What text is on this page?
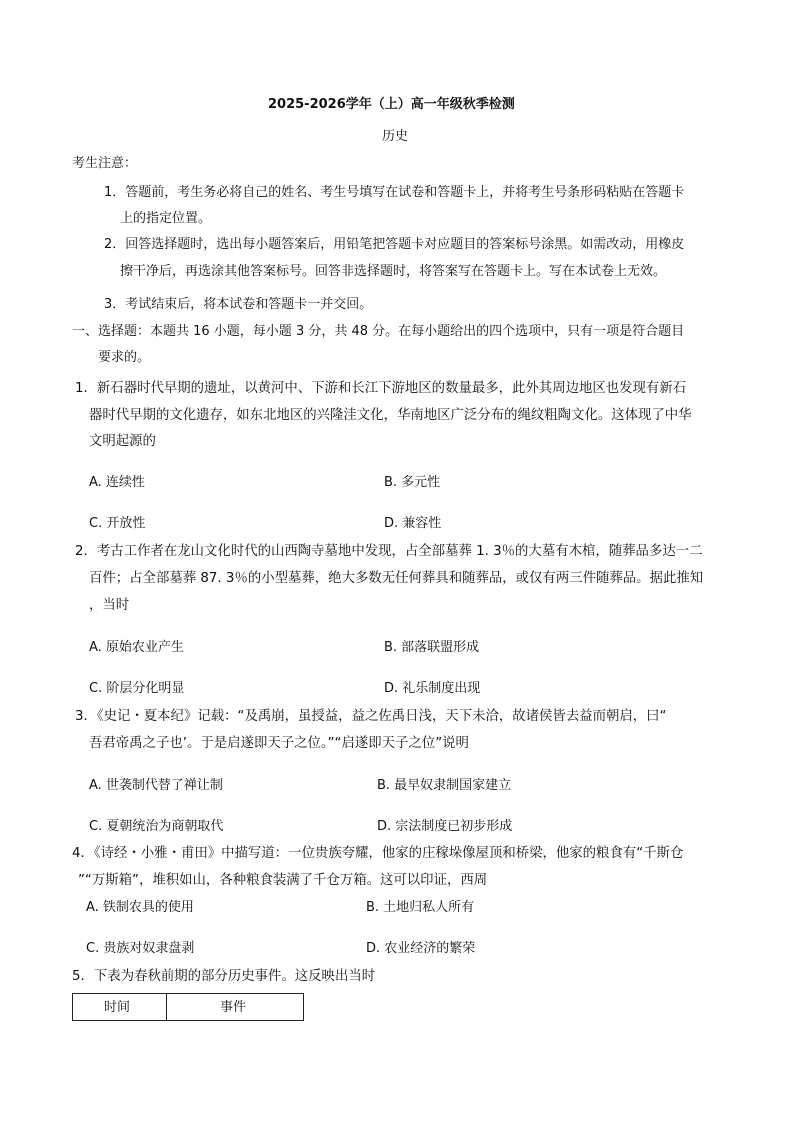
2025-2026学年（上）高一年级秋季检测
历史
考生注意：
1．答题前，考生务必将自己的姓名、考生号填写在试卷和答题卡上，并将考生号条形码粘贴在答题卡
上的指定位置。
2．回答选择题时，选出每小题答案后，用铅笔把答题卡对应题目的答案标号涂黑。如需改动，用橡皮
擦干净后，再选涂其他答案标号。回答非选择题时，将答案写在答题卡上。写在本试卷上无效。
3．考试结束后，将本试卷和答题卡一并交回。
一、选择题：本题共 16 小题，每小题 3 分，共 48 分。在每小题给出的四个选项中，只有一项是符合题目
要求的。
1．新石器时代早期的遗址，以黄河中、下游和长江下游地区的数量最多，此外其周边地区也发现有新石
器时代早期的文化遗存，如东北地区的兴隆洼文化，华南地区广泛分布的绳纹粗陶文化。这体现了中华
文明起源的
A. 连续性	B. 多元性
C. 开放性	D. 兼容性
2．考古工作者在龙山文化时代的山西陶寺墓地中发现，占全部墓葬 1. 3％的大墓有木棺，随葬品多达一二
百件；占全部墓葬 87. 3％的小型墓葬，绝大多数无任何葬具和随葬品，或仅有两三件随葬品。据此推知
，当时
A. 原始农业产生	B. 部落联盟形成
C. 阶层分化明显	D. 礼乐制度出现
3．《史记・夏本纪》记载：“及禹崩，虽授益，益之佐禹日浅，天下未洽，故诸侯皆去益而朝启，曰“
吾君帝禹之子也’。于是启遂即天子之位。”“启遂即天子之位”说明
A. 世袭制代替了禅让制	B. 最早奴隶制国家建立
C. 夏朝统治为商朝取代	D. 宗法制度已初步形成
4．《诗经・小雅・甫田》中描写道：一位贵族夸耀，他家的庄稼垛像屋顶和桥梁，他家的粮食有“千斯仓
”“万斯箱”，堆积如山，各种粮食装满了千仓万箱。这可以印证，西周
A. 铁制农具的使用	B. 土地归私人所有
C. 贵族对奴隶盘剥	D. 农业经济的繁荣
5．下表为春秋前期的部分历史事件。这反映出当时
时间	事件
